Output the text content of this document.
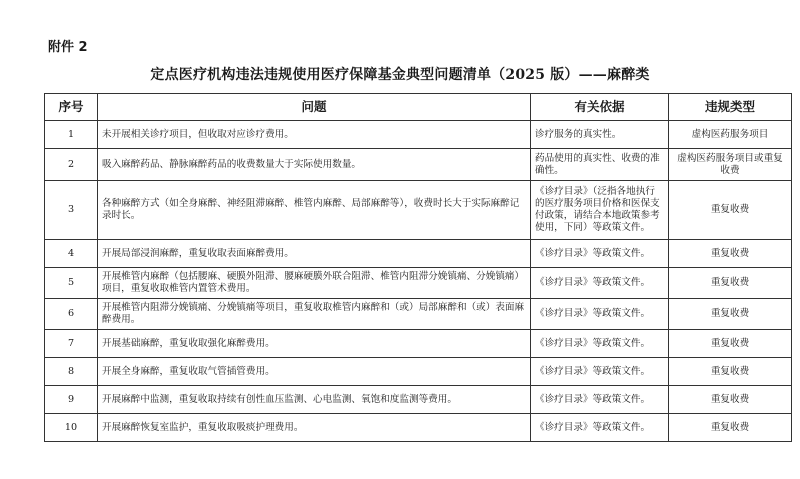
附件 2
定点医疗机构违法违规使用医疗保障基金典型问题清单（2025 版）——麻醉类
序号	问题	有关依据	违规类型
1	未开展相关诊疗项目，但收取对应诊疗费用。	诊疗服务的真实性。	虚构医药服务项目
2	吸入麻醉药品、静脉麻醉药品的收费数量大于实际使用数量。	药品使用的真实性、收费的准确性。	虚构医药服务项目或重复收费
3	各种麻醉方式（如全身麻醉、神经阻滞麻醉、椎管内麻醉、局部麻醉等），收费时长大于实际麻醉记录时长。	《诊疗目录》（泛指各地执行的医疗服务项目价格和医保支付政策，请结合本地政策参考使用，下同）等政策文件。	重复收费
4	开展局部浸润麻醉，重复收取表面麻醉费用。	《诊疗目录》等政策文件。	重复收费
5	开展椎管内麻醉（包括腰麻、硬膜外阻滞、腰麻硬膜外联合阻滞、椎管内阻滞分娩镇痛、分娩镇痛）项目，重复收取椎管内置管术费用。	《诊疗目录》等政策文件。	重复收费
6	开展椎管内阻滞分娩镇痛、分娩镇痛等项目，重复收取椎管内麻醉和（或）局部麻醉和（或）表面麻醉费用。	《诊疗目录》等政策文件。	重复收费
7	开展基础麻醉，重复收取强化麻醉费用。	《诊疗目录》等政策文件。	重复收费
8	开展全身麻醉，重复收取气管插管费用。	《诊疗目录》等政策文件。	重复收费
9	开展麻醉中监测，重复收取持续有创性血压监测、心电监测、氧饱和度监测等费用。	《诊疗目录》等政策文件。	重复收费
10	开展麻醉恢复室监护，重复收取吸痰护理费用。	《诊疗目录》等政策文件。	重复收费
